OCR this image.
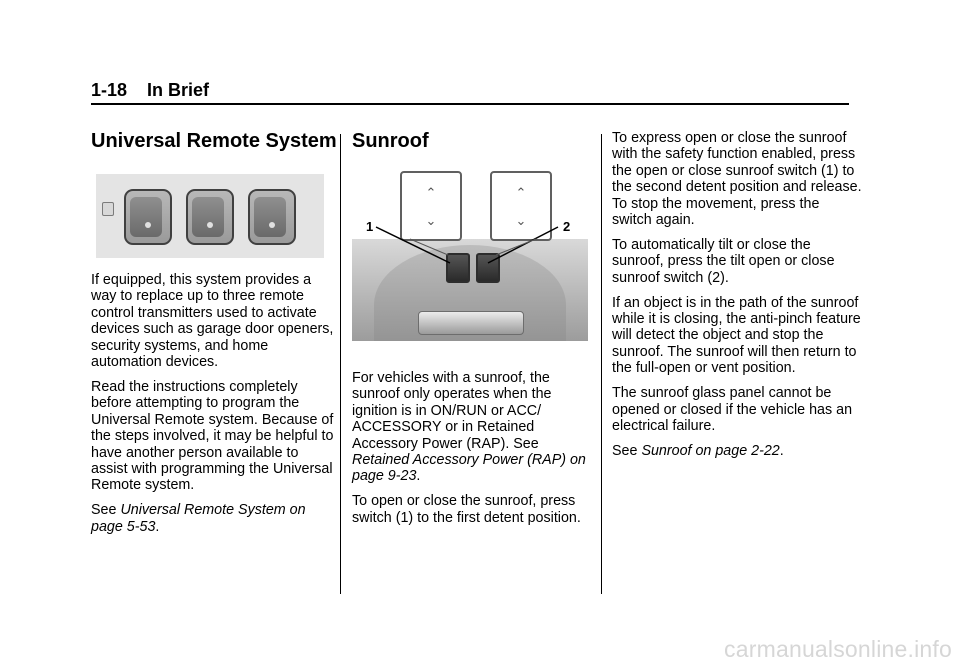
1-18 In Brief
Universal Remote System

If equipped, this system provides a way to replace up to three remote control transmitters used to activate devices such as garage door openers, security systems, and home automation devices.

Read the instructions completely before attempting to program the Universal Remote system. Because of the steps involved, it may be helpful to have another person available to assist with programming the Universal Remote system.

See Universal Remote System on page 5-53.

Sunroof
⌃
⌄
⌃
⌄
1	2

For vehicles with a sunroof, the sunroof only operates when the ignition is in ON/RUN or ACC/ ACCESSORY or in Retained Accessory Power (RAP). See
Retained Accessory Power (RAP) on page 9-23.

To open or close the sunroof, press switch (1) to the first detent position.

To express open or close the sunroof with the safety function enabled, press the open or close sunroof switch (1) to the second detent position and release. To stop the movement, press the switch again.

To automatically tilt or close the sunroof, press the tilt open or close sunroof switch (2).

If an object is in the path of the sunroof while it is closing, the anti-pinch feature will detect the object and stop the sunroof. The sunroof will then return to the full-open or vent position.

The sunroof glass panel cannot be opened or closed if the vehicle has an electrical failure.

See Sunroof on page 2-22.

carmanualsonline.info
